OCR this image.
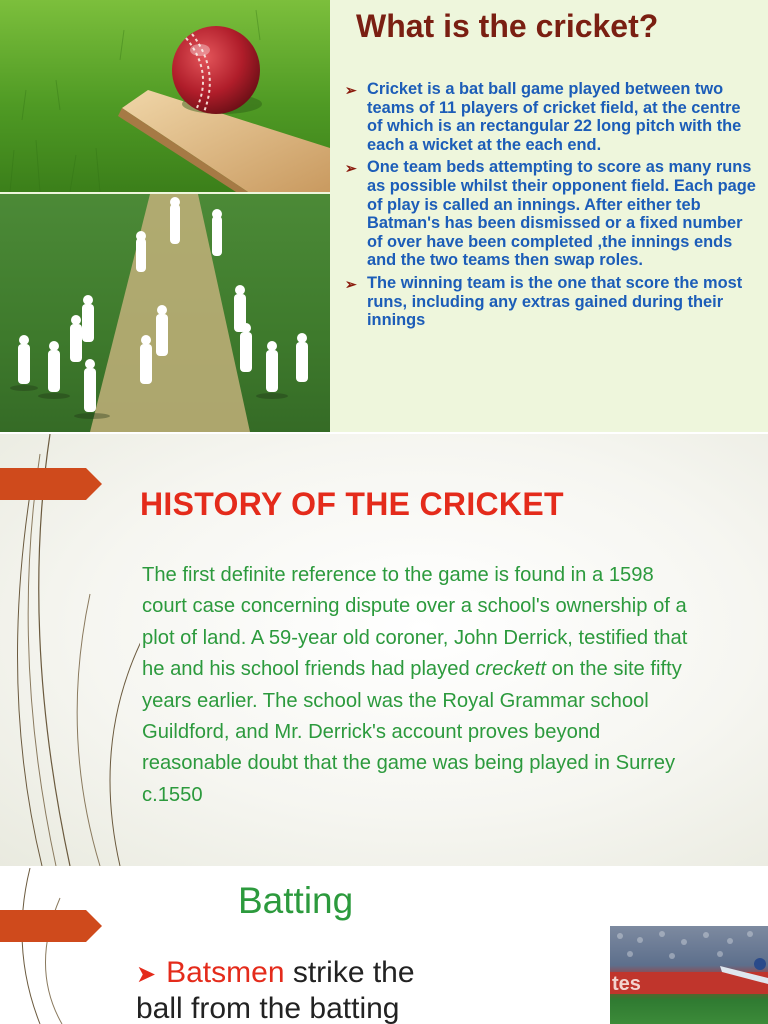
What is the cricket?
➢ Cricket is a bat ball game played between two teams of 11 players of cricket field, at the centre of which is an rectangular 22 long pitch with the each a wicket at the each end.
➢ One team beds attempting to score as many runs as possible whilst their opponent field. Each page of play is called an innings. After either teb Batman's has been dismissed or a fixed number of over have been completed ,the innings ends and the two teams then swap roles.
➢ The winning team is the one that score the most runs, including any extras gained during their innings
HISTORY OF THE CRICKET
The first definite reference to the game is found in a 1598 court case concerning dispute over a school's ownership of a plot of land. A 59-year old coroner, John Derrick, testified that he and his school friends had played creckett on the site fifty years earlier. The school was the Royal Grammar school Guildford, and Mr. Derrick's account proves beyond reasonable doubt that the game was being played in Surrey c.1550
Batting
➤ Batsmen strike the
ball from the batting
tes
